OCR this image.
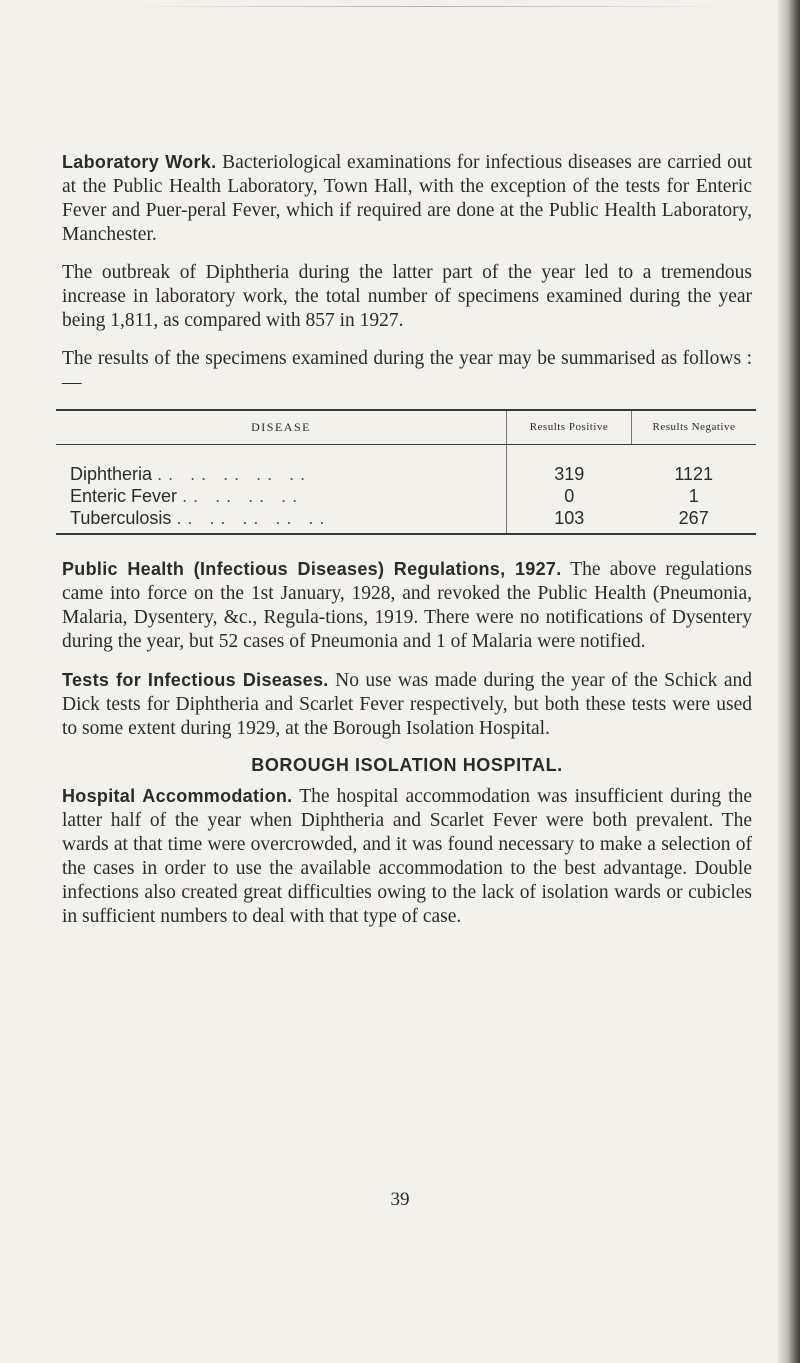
Laboratory Work. Bacteriological examinations for infectious diseases are carried out at the Public Health Laboratory, Town Hall, with the exception of the tests for Enteric Fever and Puer-peral Fever, which if required are done at the Public Health Laboratory, Manchester.

The outbreak of Diphtheria during the latter part of the year led to a tremendous increase in laboratory work, the total number of specimens examined during the year being 1,811, as compared with 857 in 1927.

The results of the specimens examined during the year may be summarised as follows :—

DISEASE	Results Positive	Results Negative
Diphtheria .. .. .. .. ..	319	1121
Enteric Fever .. .. .. ..	0	1
Tuberculosis .. .. .. .. ..	103	267

Public Health (Infectious Diseases) Regulations, 1927. The above regulations came into force on the 1st January, 1928, and revoked the Public Health (Pneumonia, Malaria, Dysentery, &c., Regula-tions, 1919. There were no notifications of Dysentery during the year, but 52 cases of Pneumonia and 1 of Malaria were notified.

Tests for Infectious Diseases. No use was made during the year of the Schick and Dick tests for Diphtheria and Scarlet Fever respectively, but both these tests were used to some extent during 1929, at the Borough Isolation Hospital.

BOROUGH ISOLATION HOSPITAL.

Hospital Accommodation. The hospital accommodation was insufficient during the latter half of the year when Diphtheria and Scarlet Fever were both prevalent. The wards at that time were overcrowded, and it was found necessary to make a selection of the cases in order to use the available accommodation to the best advantage. Double infections also created great difficulties owing to the lack of isolation wards or cubicles in sufficient numbers to deal with that type of case.

39
